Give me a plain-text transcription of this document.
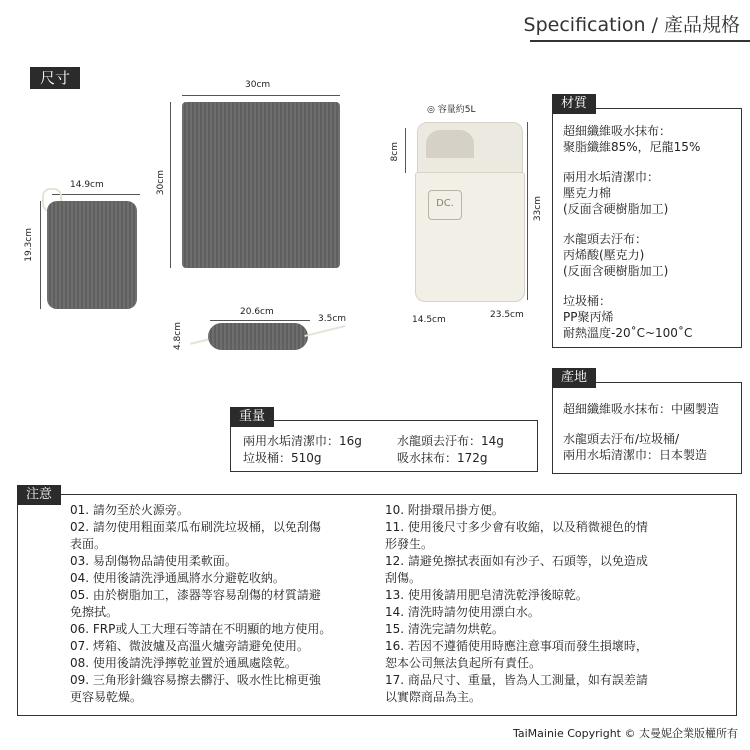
Specification / 產品規格
尺寸	30cm
30cm
14.9cm
19.3cm
20.6cm
3.5cm
4.8cm
◎ 容量約5L
8cm
DC.	33cm
14.5cm	23.5cm

超細纖維吸水抹布：

聚脂纖維85%，尼龍15%

兩用水垢清潔巾：

壓克力棉

(反面含硬樹脂加工)

水龍頭去汙布：

丙烯酸(壓克力)

(反面含硬樹脂加工)

垃圾桶：

PP聚丙烯

耐熱溫度-20˚C~100˚C

材質

超細纖維吸水抹布：中國製造

水龍頭去汙布/垃圾桶/

兩用水垢清潔巾：日本製造

產地
兩用水垢清潔巾：16g
垃圾桶：510g
水龍頭去汙布：14g
吸水抹布：172g
重量
注意
01. 請勿至於火源旁。
02. 請勿使用粗面菜瓜布刷洗垃圾桶，以免刮傷
表面。
03. 易刮傷物品請使用柔軟面。
04. 使用後請洗淨通風將水分避乾收納。
05. 由於樹脂加工，漆器等容易刮傷的材質請避
免擦拭。
06. FRP或人工大理石等請在不明顯的地方使用。
07. 烤箱、微波爐及高溫火爐旁請避免使用。
08. 使用後請洗淨擰乾並置於通風處陰乾。
09. 三角形針織容易擦去髒汙、吸水性比棉更強
更容易乾燥。
10. 附掛環吊掛方便。
11. 使用後尺寸多少會有收縮，以及稍微褪色的情
形發生。
12. 請避免擦拭表面如有沙子、石頭等，以免造成
刮傷。
13. 使用後請用肥皂清洗乾淨後晾乾。
14. 清洗時請勿使用漂白水。
15. 清洗完請勿烘乾。
16. 若因不遵循使用時應注意事項而發生損壞時，
恕本公司無法負起所有責任。
17. 商品尺寸、重量，皆為人工測量，如有誤差請
以實際商品為主。
TaiMainie Copyright © 太曼妮企業版權所有
